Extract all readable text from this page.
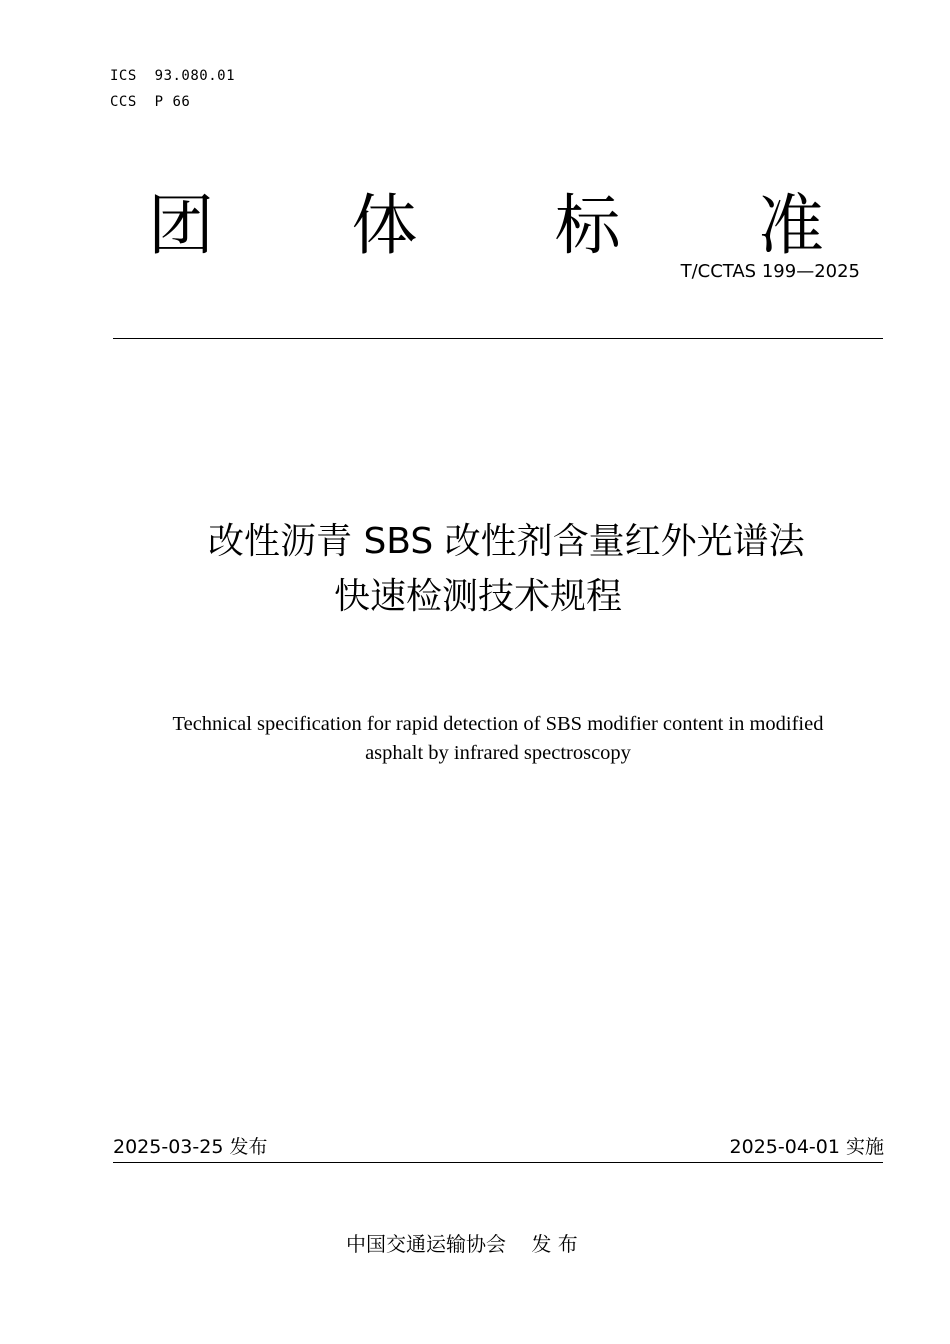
ICS  93.080.01
CCS  P 66
团 体 标 准
T/CCTAS 199—2025
改性沥青 SBS 改性剂含量红外光谱法
快速检测技术规程
Technical specification for rapid detection of SBS modifier content in modified
asphalt by infrared spectroscopy
2025-03-25 发布	2025-04-01 实施
中国交通运输协会    发 布
